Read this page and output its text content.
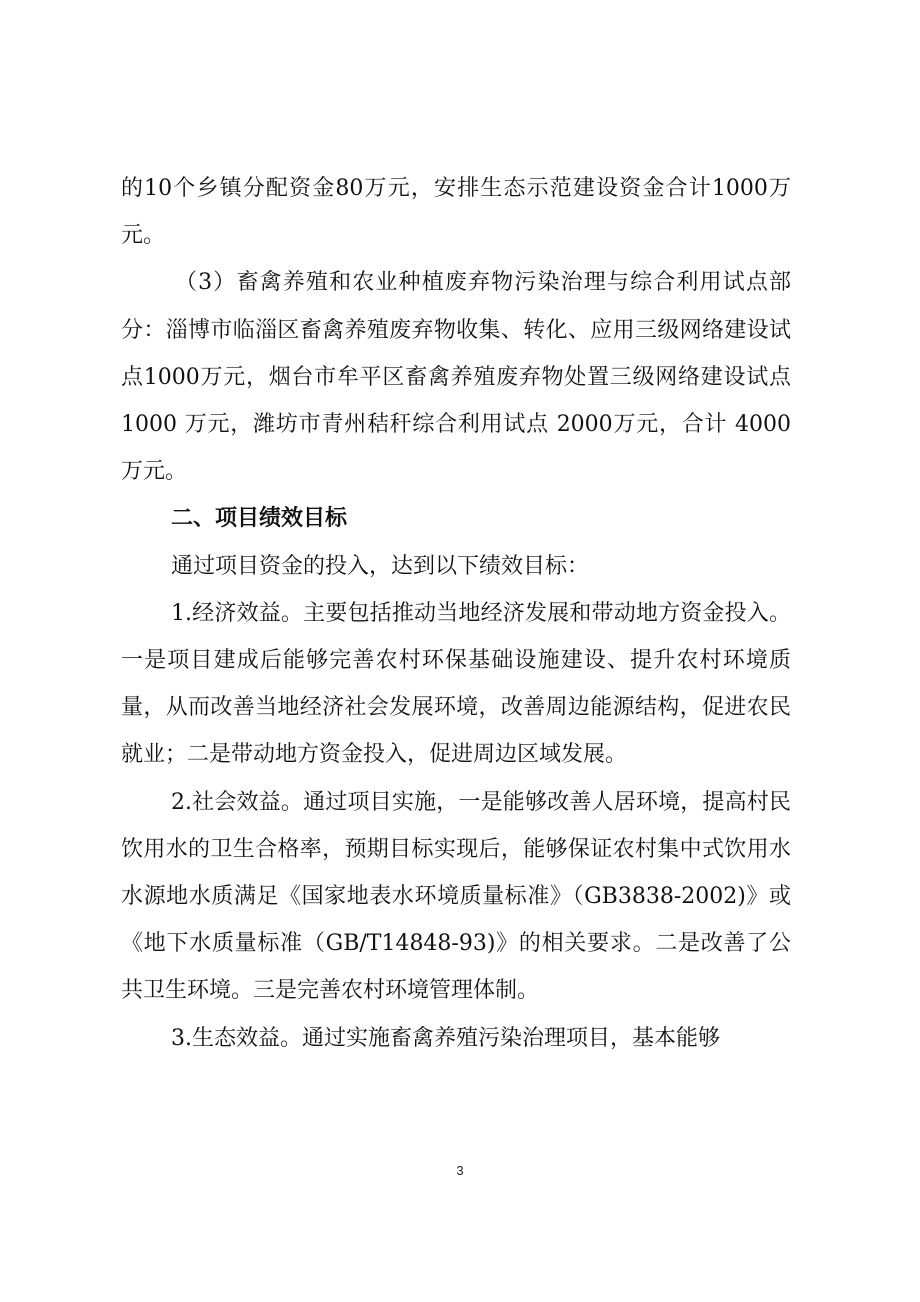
的10个乡镇分配资金80万元，安排生态示范建设资金合计1000万元。

（3）畜禽养殖和农业种植废弃物污染治理与综合利用试点部分：淄博市临淄区畜禽养殖废弃物收集、转化、应用三级网络建设试点1000万元，烟台市牟平区畜禽养殖废弃物处置三级网络建设试点 1000 万元，潍坊市青州秸秆综合利用试点 2000万元，合计 4000 万元。

二、项目绩效目标

通过项目资金的投入，达到以下绩效目标：

1.经济效益。主要包括推动当地经济发展和带动地方资金投入。一是项目建成后能够完善农村环保基础设施建设、提升农村环境质量，从而改善当地经济社会发展环境，改善周边能源结构，促进农民就业；二是带动地方资金投入，促进周边区域发展。

2.社会效益。通过项目实施，一是能够改善人居环境，提高村民饮用水的卫生合格率，预期目标实现后，能够保证农村集中式饮用水水源地水质满足《国家地表水环境质量标准》（GB3838-2002)》或《地下水质量标准（GB/T14848-93)》的相关要求。二是改善了公共卫生环境。三是完善农村环境管理体制。

3.生态效益。通过实施畜禽养殖污染治理项目，基本能够

3
